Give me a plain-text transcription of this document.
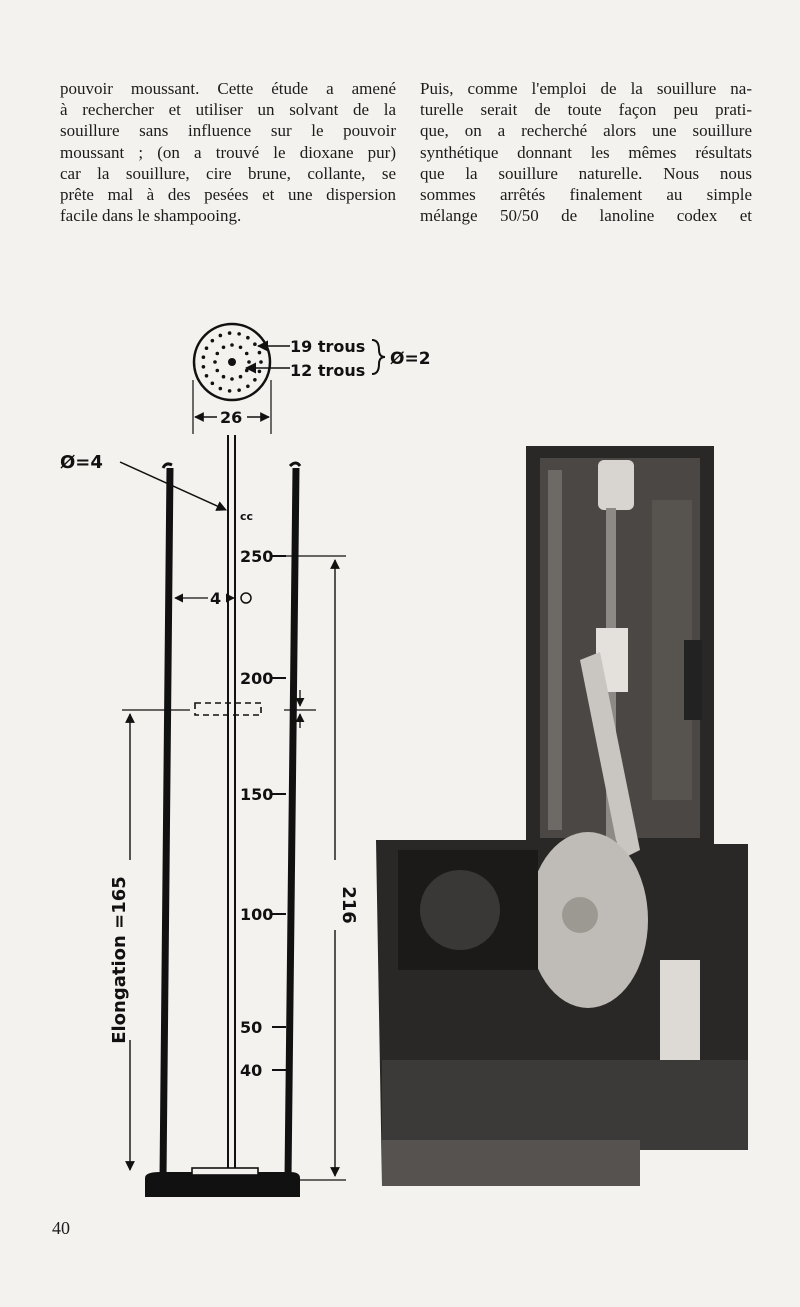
pouvoir moussant. Cette étude a amené
à rechercher et utiliser un solvant de la
souillure sans influence sur le pouvoir
moussant ; (on a trouvé le dioxane pur)
car la souillure, cire brune, collante, se
prête mal à des pesées et une dispersion
facile dans le shampooing.

Puis, comme l'emploi de la souillure na-
turelle serait de toute façon peu prati-
que, on a recherché alors une souillure
synthétique donnant les mêmes résultats
que la souillure naturelle. Nous nous
sommes arrêtés finalement au simple
mélange 50/50 de lanoline codex et

19 trous
12 trous
Ø=2
26
Ø=4
cc
250
200
150
100
50
40
4
216
Elongation =165
40
